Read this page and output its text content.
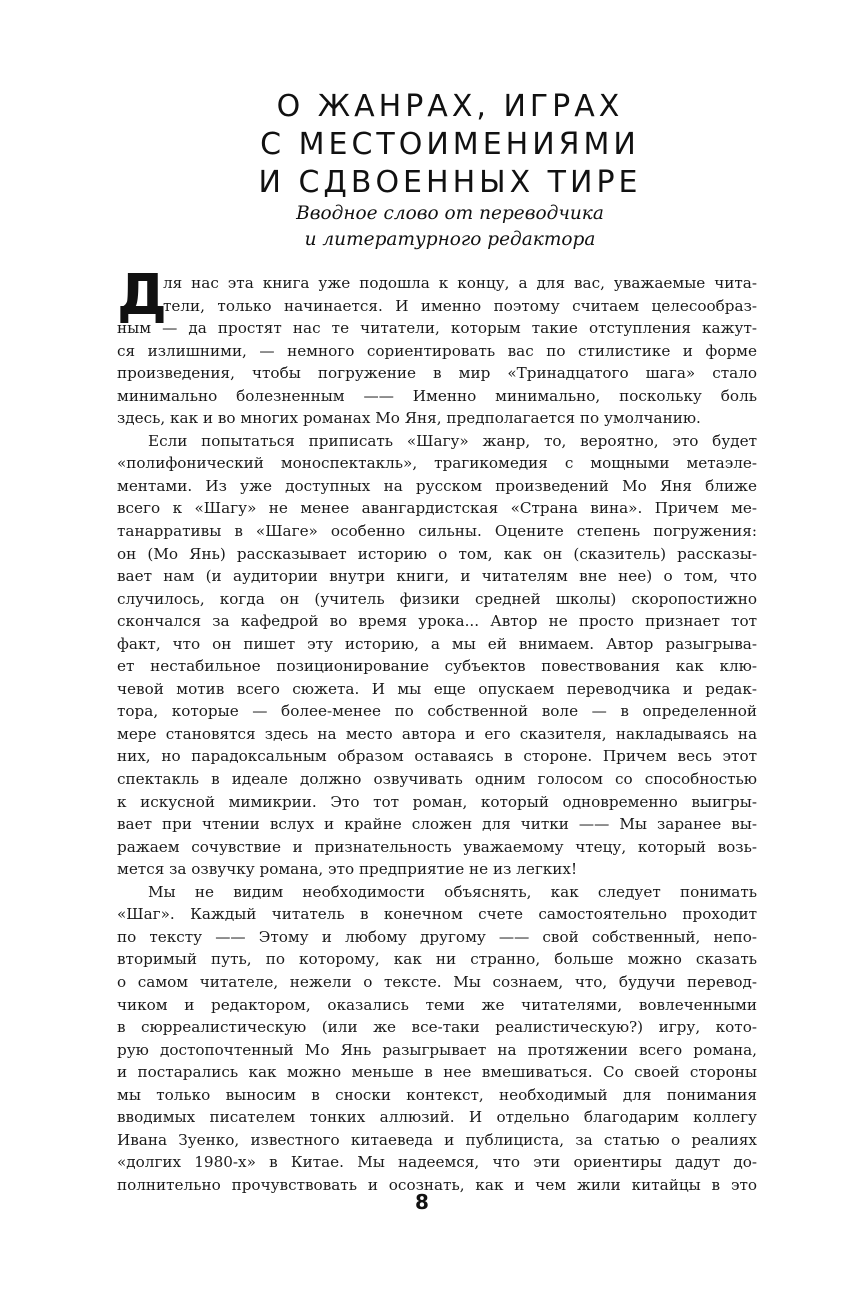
О ЖАНРАХ, ИГРАХ
С МЕСТОИМЕНИЯМИ
И СДВОЕННЫХ ТИРЕ
Вводное слово от переводчика
и литературного редактора
Д
ля нас эта книга уже подошла к концу, а для вас, уважаемые чита-
тели, только начинается. И именно поэтому считаем целесообраз-
ным — да простят нас те читатели, которым такие отступления кажут-
ся излишними, — немного сориентировать вас по стилистике и форме
произведения, чтобы погружение в мир «Тринадцатого шага» стало
минимально болезненным —— Именно минимально, поскольку боль
здесь, как и во многих романах Мо Яня, предполагается по умолчанию.
Если попытаться приписать «Шагу» жанр, то, вероятно, это будет
«полифонический моноспектакль», трагикомедия с мощными метаэле-
ментами. Из уже доступных на русском произведений Мо Яня ближе
всего к «Шагу» не менее авангардистская «Страна вина». Причем ме-
танарративы в «Шаге» особенно сильны. Оцените степень погружения:
он (Мо Янь) рассказывает историю о том, как он (сказитель) рассказы-
вает нам (и аудитории внутри книги, и читателям вне нее) о том, что
случилось, когда он (учитель физики средней школы) скоропостижно
скончался за кафедрой во время урока... Автор не просто признает тот
факт, что он пишет эту историю, а мы ей внимаем. Автор разыгрыва-
ет нестабильное позиционирование субъектов повествования как клю-
чевой мотив всего сюжета. И мы еще опускаем переводчика и редак-
тора, которые — более-менее по собственной воле — в определенной
мере становятся здесь на место автора и его сказителя, накладываясь на
них, но парадоксальным образом оставаясь в стороне. Причем весь этот
спектакль в идеале должно озвучивать одним голосом со способностью
к искусной мимикрии. Это тот роман, который одновременно выигры-
вает при чтении вслух и крайне сложен для читки —— Мы заранее вы-
ражаем сочувствие и признательность уважаемому чтецу, который возь-
мется за озвучку романа, это предприятие не из легких!
Мы не видим необходимости объяснять, как следует понимать
«Шаг». Каждый читатель в конечном счете самостоятельно проходит
по тексту —— Этому и любому другому —— свой собственный, непо-
вторимый путь, по которому, как ни странно, больше можно сказать
о самом читателе, нежели о тексте. Мы сознаем, что, будучи перевод-
чиком и редактором, оказались теми же читателями, вовлеченными
в сюрреалистическую (или же все-таки реалистическую?) игру, кото-
рую достопочтенный Мо Янь разыгрывает на протяжении всего романа,
и постарались как можно меньше в нее вмешиваться. Со своей стороны
мы только выносим в сноски контекст, необходимый для понимания
вводимых писателем тонких аллюзий. И отдельно благодарим коллегу
Ивана Зуенко, известного китаеведа и публициста, за статью о реалиях
«долгих 1980-х» в Китае. Мы надеемся, что эти ориентиры дадут до-
полнительно прочувствовать и осознать, как и чем жили китайцы в это
8
